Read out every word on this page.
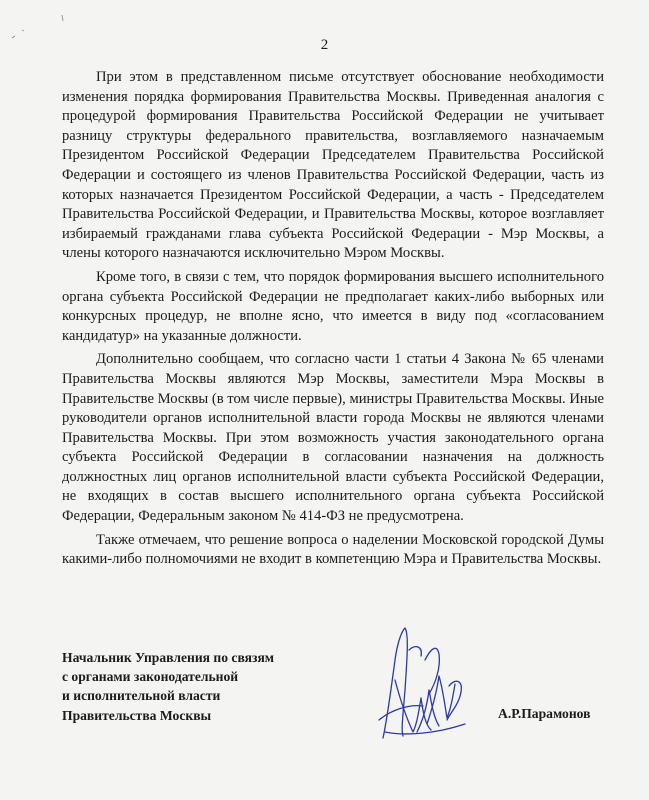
2

При этом в представленном письме отсутствует обоснование необходимости изменения порядка формирования Правительства Москвы. Приведенная аналогия с процедурой формирования Правительства Российской Федерации не учитывает разницу структуры федерального правительства, возглавляемого назначаемым Президентом Российской Федерации Председателем Правительства Российской Федерации и состоящего из членов Правительства Российской Федерации, часть из которых назначается Президентом Российской Федерации, а часть - Председателем Правительства Российской Федерации, и Правительства Москвы, которое возглавляет избираемый гражданами глава субъекта Российской Федерации - Мэр Москвы, а члены которого назначаются исключительно Мэром Москвы.

Кроме того, в связи с тем, что порядок формирования высшего исполнительного органа субъекта Российской Федерации не предполагает каких-либо выборных или конкурсных процедур, не вполне ясно, что имеется в виду под «согласованием кандидатур» на указанные должности.

Дополнительно сообщаем, что согласно части 1 статьи 4 Закона № 65 членами Правительства Москвы являются Мэр Москвы, заместители Мэра Москвы в Правительстве Москвы (в том числе первые), министры Правительства Москвы. Иные руководители органов исполнительной власти города Москвы не являются членами Правительства Москвы. При этом возможность участия законодательного органа субъекта Российской Федерации в согласовании назначения на должность должностных лиц органов исполнительной власти субъекта Российской Федерации, не входящих в состав высшего исполнительного органа субъекта Российской Федерации, Федеральным законом № 414-ФЗ не предусмотрена.

Также отмечаем, что решение вопроса о наделении Московской городской Думы какими-либо полномочиями не входит в компетенцию Мэра и Правительства Москвы.

Начальник Управления по связям
с органами законодательной
и исполнительной власти
Правительства Москвы	А.Р.Парамонов
